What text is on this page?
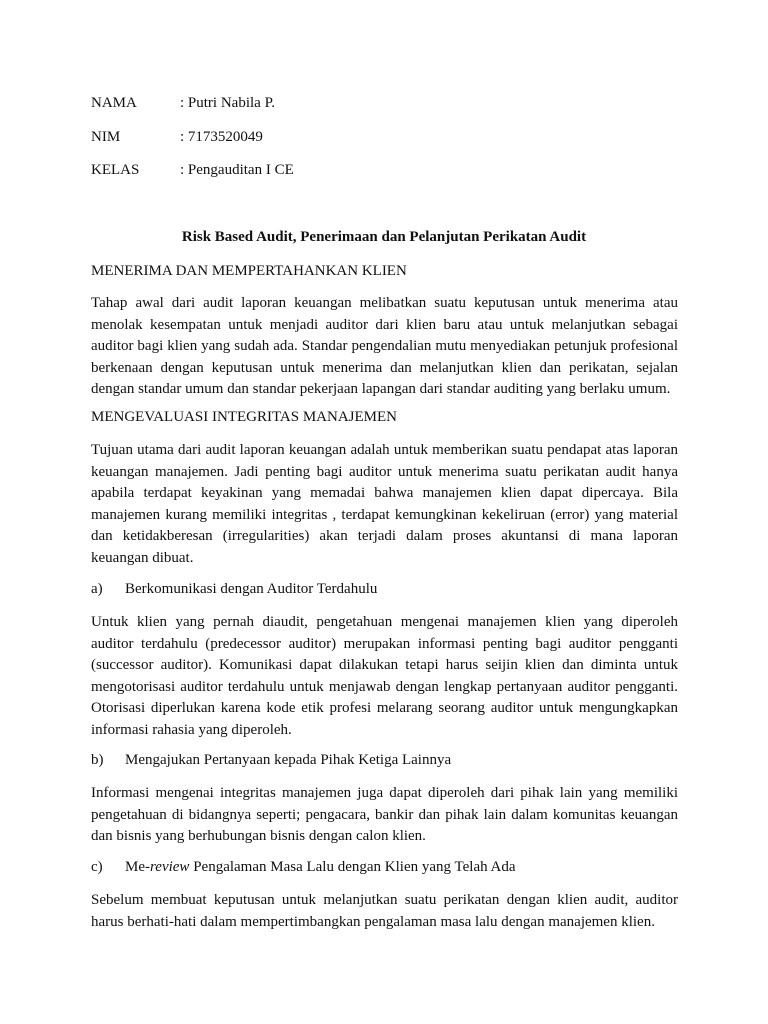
NAMA	: Putri Nabila P.
NIM	: 7173520049
KELAS	: Pengauditan I CE
Risk Based Audit, Penerimaan dan Pelanjutan Perikatan Audit
MENERIMA DAN MEMPERTAHANKAN KLIEN
Tahap awal dari audit laporan keuangan melibatkan suatu keputusan untuk menerima atau
menolak kesempatan untuk menjadi auditor dari klien baru atau untuk melanjutkan sebagai
auditor bagi klien yang sudah ada. Standar pengendalian mutu menyediakan petunjuk profesional
berkenaan dengan keputusan untuk menerima dan melanjutkan klien dan perikatan, sejalan
dengan standar umum dan standar pekerjaan lapangan dari standar auditing yang berlaku umum.
MENGEVALUASI INTEGRITAS MANAJEMEN
Tujuan utama dari audit laporan keuangan adalah untuk memberikan suatu pendapat atas laporan
keuangan manajemen. Jadi penting bagi auditor untuk menerima suatu perikatan audit hanya
apabila terdapat keyakinan yang memadai bahwa manajemen klien dapat dipercaya. Bila
manajemen kurang memiliki integritas , terdapat kemungkinan kekeliruan (error) yang material
dan ketidakberesan (irregularities) akan terjadi dalam proses akuntansi di mana laporan
keuangan dibuat.
a) Berkomunikasi dengan Auditor Terdahulu
Untuk klien yang pernah diaudit, pengetahuan mengenai manajemen klien yang diperoleh
auditor terdahulu (predecessor auditor) merupakan informasi penting bagi auditor pengganti
(successor auditor). Komunikasi dapat dilakukan tetapi harus seijin klien dan diminta untuk
mengotorisasi auditor terdahulu untuk menjawab dengan lengkap pertanyaan auditor pengganti.
Otorisasi diperlukan karena kode etik profesi melarang seorang auditor untuk mengungkapkan
informasi rahasia yang diperoleh.
b) Mengajukan Pertanyaan kepada Pihak Ketiga Lainnya
Informasi mengenai integritas manajemen juga dapat diperoleh dari pihak lain yang memiliki
pengetahuan di bidangnya seperti; pengacara, bankir dan pihak lain dalam komunitas keuangan
dan bisnis yang berhubungan bisnis dengan calon klien.
c) Me-review Pengalaman Masa Lalu dengan Klien yang Telah Ada
Sebelum membuat keputusan untuk melanjutkan suatu perikatan dengan klien audit, auditor
harus berhati-hati dalam mempertimbangkan pengalaman masa lalu dengan manajemen klien.
